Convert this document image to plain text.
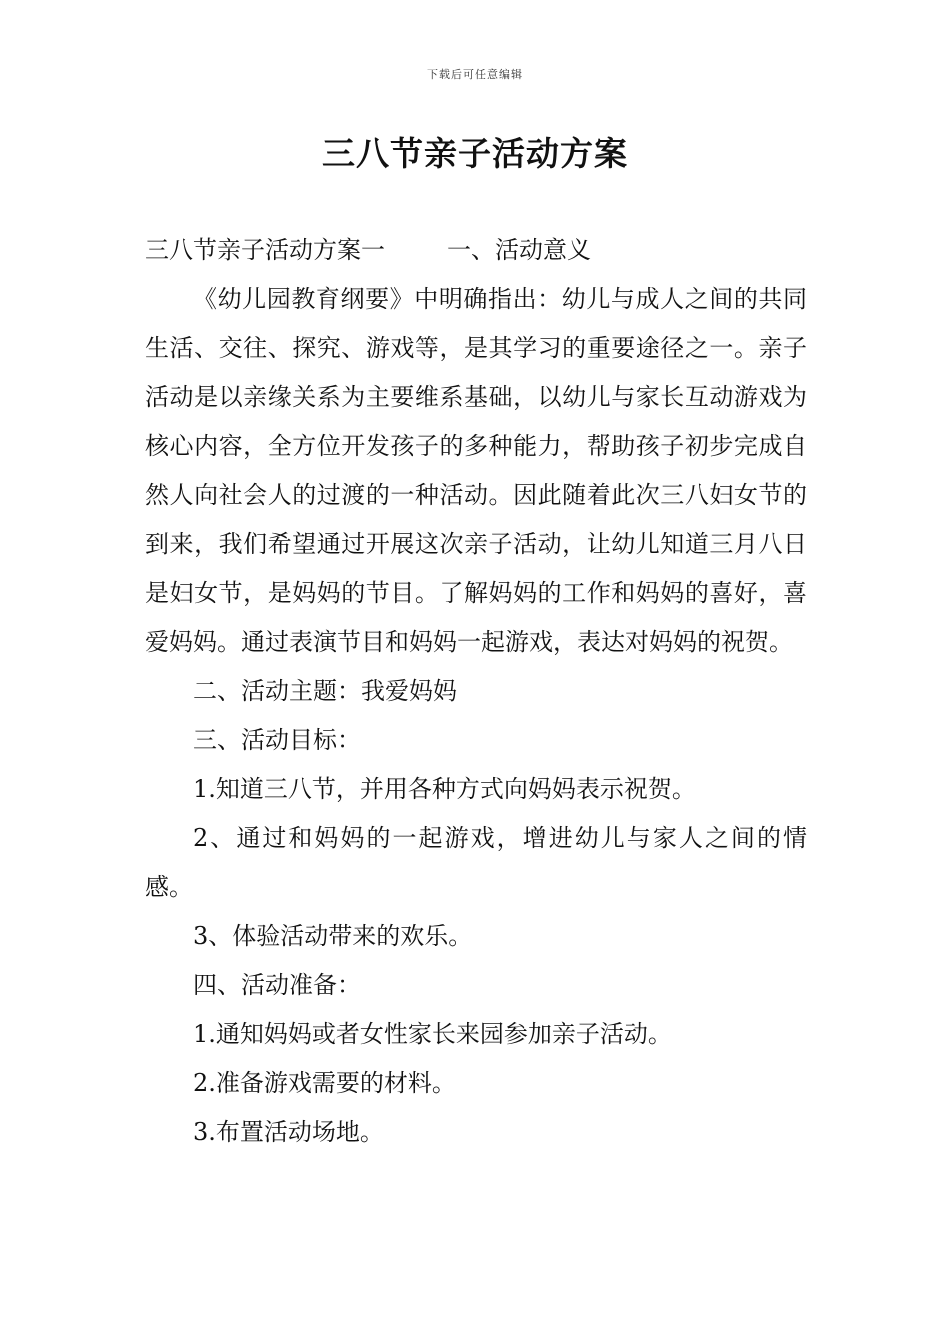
下载后可任意编辑
三八节亲子活动方案

三八节亲子活动方案一	一、活动意义

《幼儿园教育纲要》中明确指出：幼儿与成人之间的共同生活、交往、探究、游戏等，是其学习的重要途径之一。亲子活动是以亲缘关系为主要维系基础，以幼儿与家长互动游戏为核心内容，全方位开发孩子的多种能力，帮助孩子初步完成自然人向社会人的过渡的一种活动。因此随着此次三八妇女节的到来，我们希望通过开展这次亲子活动，让幼儿知道三月八日是妇女节，是妈妈的节目。了解妈妈的工作和妈妈的喜好，喜爱妈妈。通过表演节目和妈妈一起游戏，表达对妈妈的祝贺。

二、活动主题：我爱妈妈

三、活动目标：

1.知道三八节，并用各种方式向妈妈表示祝贺。

2、通过和妈妈的一起游戏，增进幼儿与家人之间的情感。

3、体验活动带来的欢乐。

四、活动准备：

1.通知妈妈或者女性家长来园参加亲子活动。

2.准备游戏需要的材料。

3.布置活动场地。
